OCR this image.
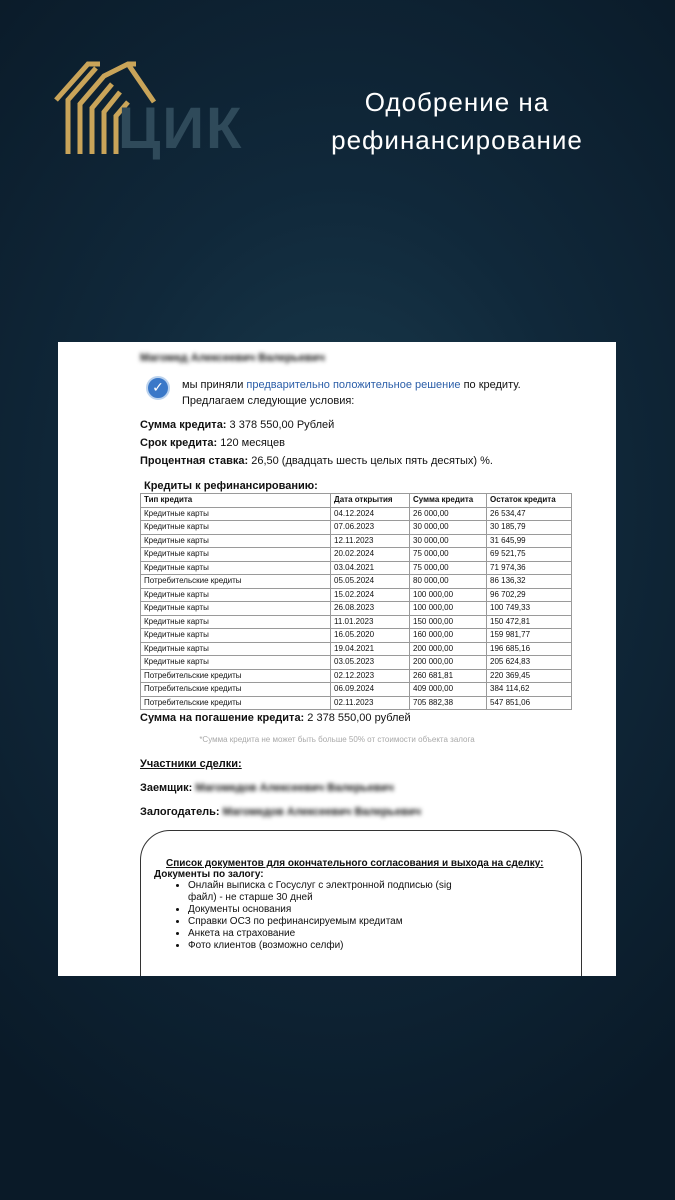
ЦИК	Одобрение на
рефинансирование
Магомед Алексеевич Валерьевич
✓	мы приняли предварительно положительное решение по кредиту.
Предлагаем следующие условия:
Сумма кредита: 3 378 550,00 Рублей
Срок кредита: 120 месяцев
Процентная ставка: 26,50 (двадцать шесть целых пять десятых) %.
Кредиты к рефинансированию:
Тип кредита	Дата открытия	Сумма кредита	Остаток кредита
Кредитные карты	04.12.2024	26 000,00	26 534,47
Кредитные карты	07.06.2023	30 000,00	30 185,79
Кредитные карты	12.11.2023	30 000,00	31 645,99
Кредитные карты	20.02.2024	75 000,00	69 521,75
Кредитные карты	03.04.2021	75 000,00	71 974,36
Потребительские кредиты	05.05.2024	80 000,00	86 136,32
Кредитные карты	15.02.2024	100 000,00	96 702,29
Кредитные карты	26.08.2023	100 000,00	100 749,33
Кредитные карты	11.01.2023	150 000,00	150 472,81
Кредитные карты	16.05.2020	160 000,00	159 981,77
Кредитные карты	19.04.2021	200 000,00	196 685,16
Кредитные карты	03.05.2023	200 000,00	205 624,83
Потребительские кредиты	02.12.2023	260 681,81	220 369,45
Потребительские кредиты	06.09.2024	409 000,00	384 114,62
Потребительские кредиты	02.11.2023	705 882,38	547 851,06
Сумма на погашение кредита: 2 378 550,00 рублей
*Сумма кредита не может быть больше 50% от стоимости объекта залога
Участники сделки:
Заемщик: Магомедов Алексеевич Валерьевич
Залогодатель: Магомедов Алексеевич Валерьевич
Список документов для окончательного согласования и выхода на сделку:
Документы по залогу:
• Онлайн выписка с Госуслуг с электронной подписью (sig файл) - не старше 30 дней
• Документы основания
• Справки ОСЗ по рефинансируемым кредитам
• Анкета на страхование
• Фото клиентов (возможно селфи)
